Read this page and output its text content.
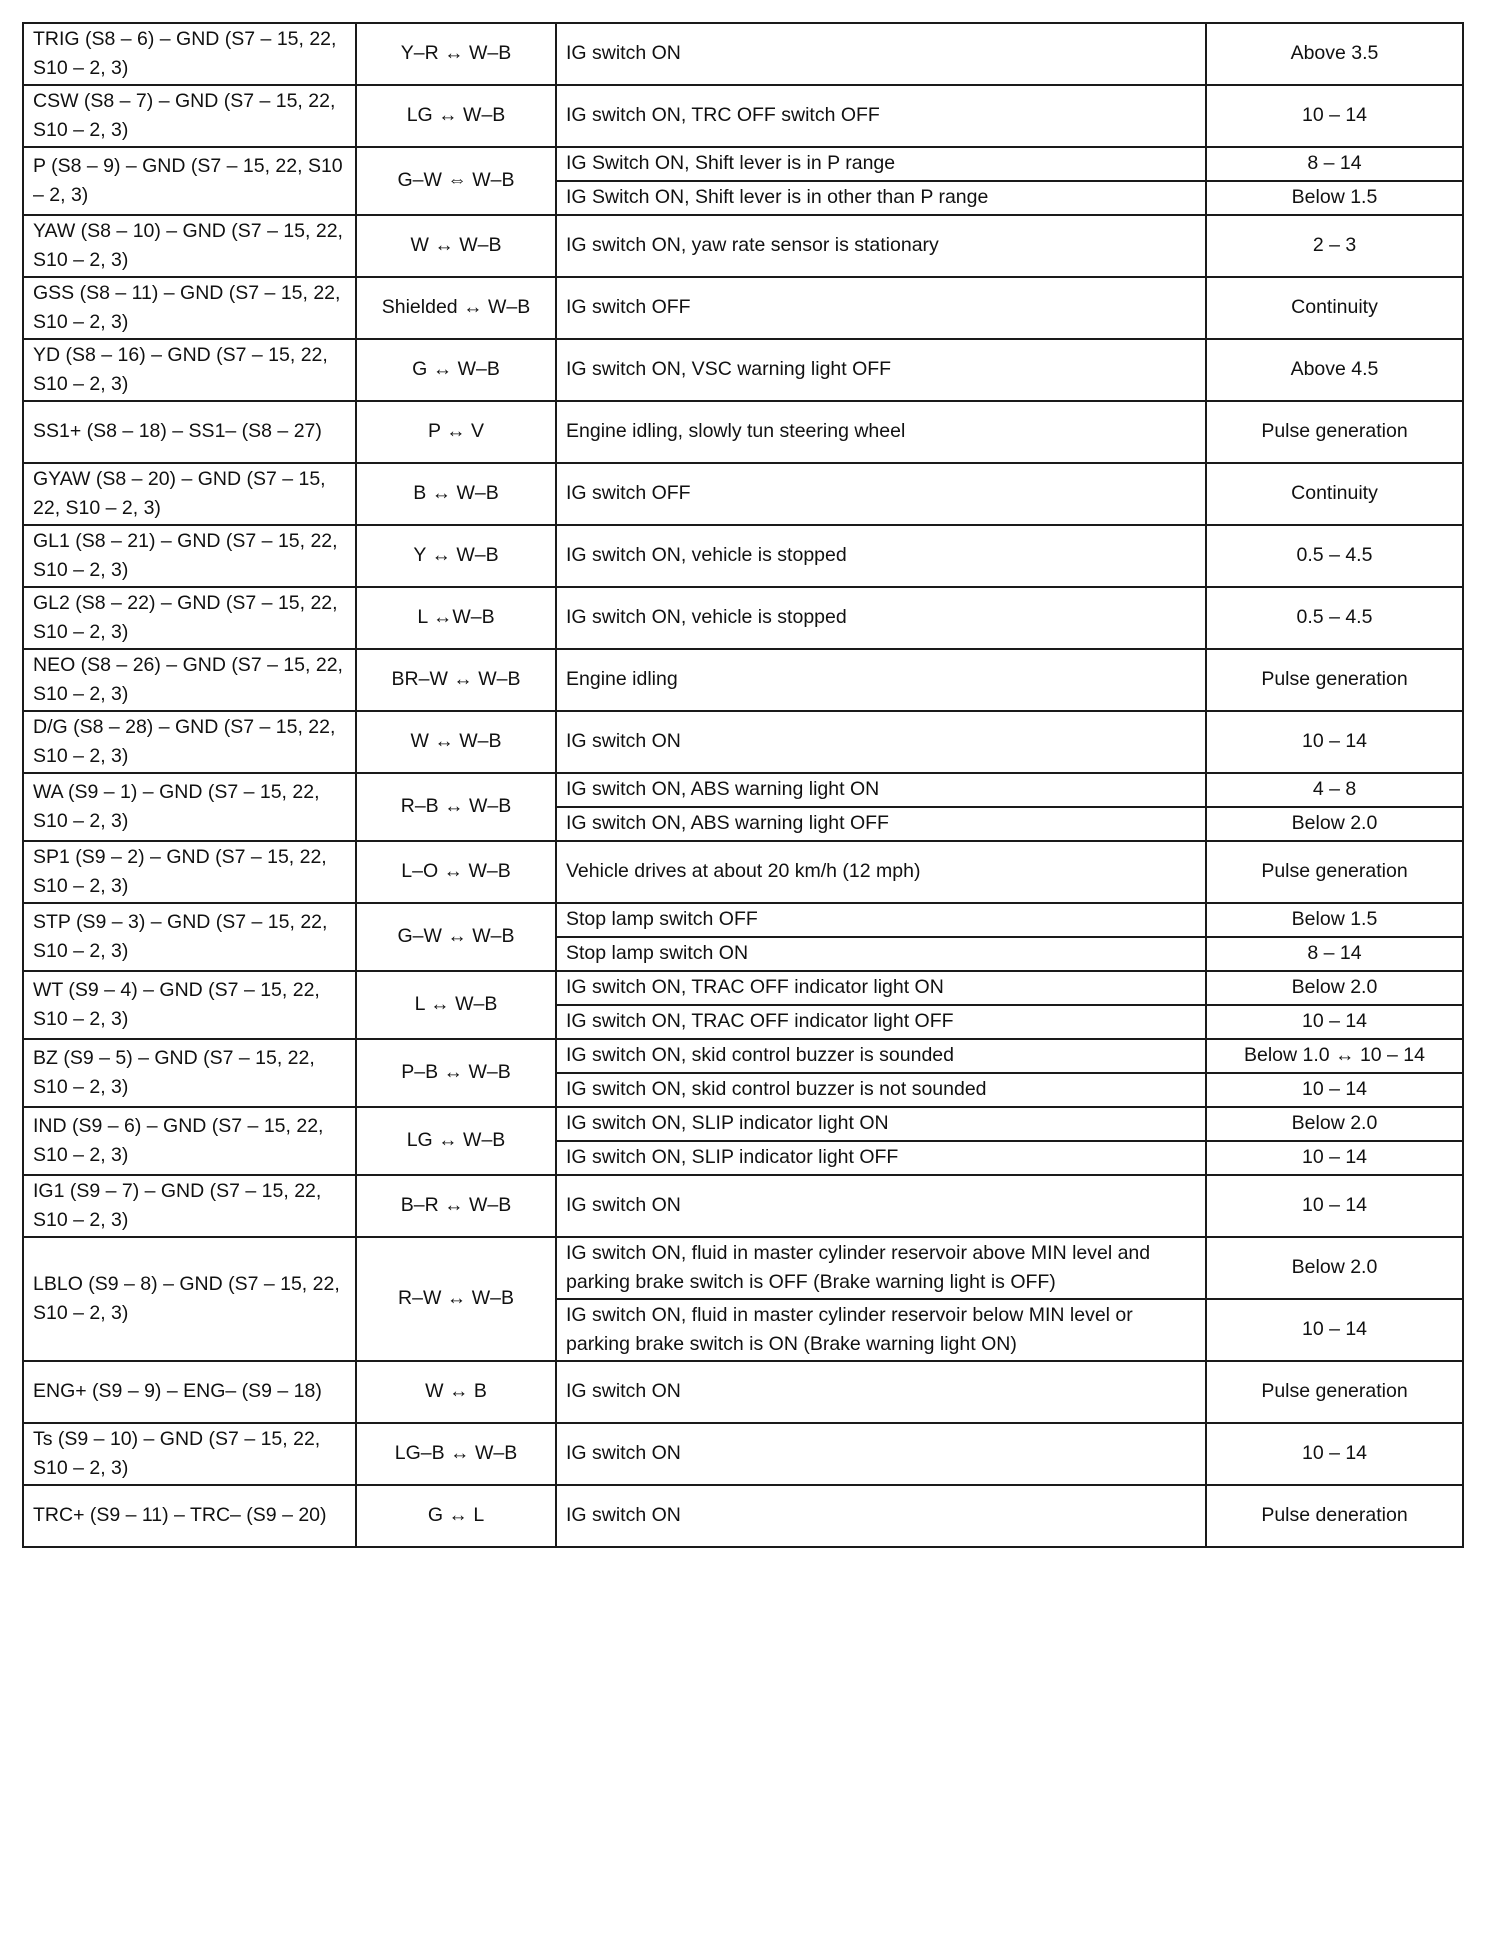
TRIG (S8 – 6) – GND (S7 – 15, 22, S10 – 2, 3)	Y–R ↔ W–B	IG switch ON	Above 3.5
CSW (S8 – 7) – GND (S7 – 15, 22, S10 – 2, 3)	LG ↔ W–B	IG switch ON, TRC OFF switch OFF	10 – 14
P (S8 – 9) – GND (S7 – 15, 22, S10 – 2, 3)	G–W ⇔ W–B	IG Switch ON, Shift lever is in P range	8 – 14
		IG Switch ON, Shift lever is in other than P range	Below 1.5
YAW (S8 – 10) – GND (S7 – 15, 22, S10 – 2, 3)	W ↔ W–B	IG switch ON, yaw rate sensor is stationary	2 – 3
GSS (S8 – 11) – GND (S7 – 15, 22, S10 – 2, 3)	Shielded ↔ W–B	IG switch OFF	Continuity
YD (S8 – 16) – GND (S7 – 15, 22, S10 – 2, 3)	G ↔ W–B	IG switch ON, VSC warning light OFF	Above 4.5
SS1+ (S8 – 18) – SS1– (S8 – 27)	P ↔ V	Engine idling, slowly tun steering wheel	Pulse generation
GYAW (S8 – 20) – GND (S7 – 15, 22, S10 – 2, 3)	B ↔ W–B	IG switch OFF	Continuity
GL1 (S8 – 21) – GND (S7 – 15, 22, S10 – 2, 3)	Y ↔ W–B	IG switch ON, vehicle is stopped	0.5 – 4.5
GL2 (S8 – 22) – GND (S7 – 15, 22, S10 – 2, 3)	L ↔W–B	IG switch ON, vehicle is stopped	0.5 – 4.5
NEO (S8 – 26) – GND (S7 – 15, 22, S10 – 2, 3)	BR–W ↔ W–B	Engine idling	Pulse generation
D/G (S8 – 28) – GND (S7 – 15, 22, S10 – 2, 3)	W ↔ W–B	IG switch ON	10 – 14
WA (S9 – 1) – GND (S7 – 15, 22, S10 – 2, 3)	R–B ↔ W–B	IG switch ON, ABS warning light ON	4 – 8
		IG switch ON, ABS warning light OFF	Below 2.0
SP1 (S9 – 2) – GND (S7 – 15, 22, S10 – 2, 3)	L–O ↔ W–B	Vehicle drives at about 20 km/h (12 mph)	Pulse generation
STP (S9 – 3) – GND (S7 – 15, 22, S10 – 2, 3)	G–W ↔ W–B	Stop lamp switch OFF	Below 1.5
		Stop lamp switch ON	8 – 14
WT (S9 – 4) – GND (S7 – 15, 22, S10 – 2, 3)	L ↔ W–B	IG switch ON, TRAC OFF indicator light ON	Below 2.0
		IG switch ON, TRAC OFF indicator light OFF	10 – 14
BZ (S9 – 5) – GND (S7 – 15, 22, S10 – 2, 3)	P–B ↔ W–B	IG switch ON, skid control buzzer is sounded	Below 1.0 ↔ 10 – 14
		IG switch ON, skid control buzzer is not sounded	10 – 14
IND (S9 – 6) – GND (S7 – 15, 22, S10 – 2, 3)	LG ↔ W–B	IG switch ON, SLIP indicator light ON	Below 2.0
		IG switch ON, SLIP indicator light OFF	10 – 14
IG1 (S9 – 7) – GND (S7 – 15, 22, S10 – 2, 3)	B–R ↔ W–B	IG switch ON	10 – 14
LBLO (S9 – 8) – GND (S7 – 15, 22, S10 – 2, 3)	R–W ↔ W–B	IG switch ON, fluid in master cylinder reservoir above MIN level and parking brake switch is OFF (Brake warning light is OFF)	Below 2.0
		IG switch ON, fluid in master cylinder reservoir below MIN level or parking brake switch is ON (Brake warning light ON)	10 – 14
ENG+ (S9 – 9) – ENG– (S9 – 18)	W ↔ B	IG switch ON	Pulse generation
Ts (S9 – 10) – GND (S7 – 15, 22, S10 – 2, 3)	LG–B ↔ W–B	IG switch ON	10 – 14
TRC+ (S9 – 11) – TRC– (S9 – 20)	G ↔ L	IG switch ON	Pulse deneration
